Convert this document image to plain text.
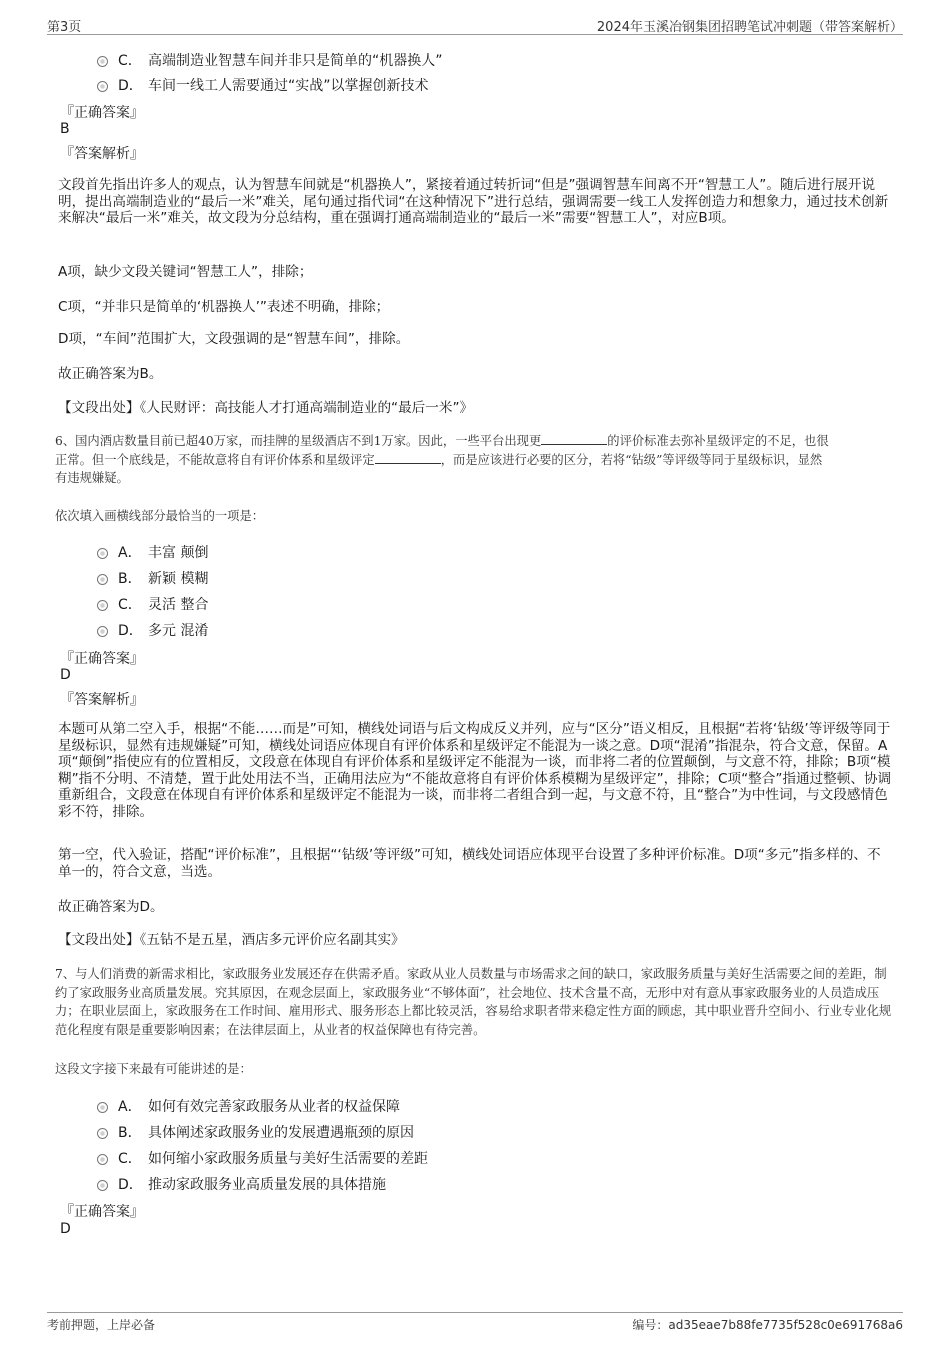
第3页	2024年玉溪冶钢集团招聘笔试冲刺题（带答案解析）
C． 高端制造业智慧车间并非只是简单的“机器换人”
D． 车间一线工人需要通过“实战”以掌握创新技术
『正确答案』
B
『答案解析』
文段首先指出许多人的观点，认为智慧车间就是“机器换人”，紧接着通过转折词“但是”强调智慧车间离不开“智慧工人”。随后进行展开说明，提出高端制造业的“最后一米”难关，尾句通过指代词“在这种情况下”进行总结，强调需要一线工人发挥创造力和想象力，通过技术创新来解决“最后一米”难关，故文段为分总结构，重在强调打通高端制造业的“最后一米”需要“智慧工人”，对应B项。
A项，缺少文段关键词“智慧工人”，排除；
C项，“并非只是简单的‘机器换人’”表述不明确，排除；
D项，“车间”范围扩大，文段强调的是“智慧车间”，排除。
故正确答案为B。
【文段出处】《人民财评：高技能人才打通高端制造业的“最后一米”》
6、国内酒店数量目前已超40万家，而挂牌的星级酒店不到1万家。因此，一些平台出现更	的评价标准去弥补星级评定的不足，也很
正常。但一个底线是，不能故意将自有评价体系和星级评定	，而是应该进行必要的区分，若将“钻级”等评级等同于星级标识，显然
有违规嫌疑。
依次填入画横线部分最恰当的一项是：
A． 丰富 颠倒
B． 新颖 模糊
C． 灵活 整合
D． 多元 混淆
『正确答案』
D
『答案解析』
本题可从第二空入手，根据“不能……而是”可知，横线处词语与后文构成反义并列，应与“区分”语义相反，且根据“若将‘钻级’等评级等同于星级标识，显然有违规嫌疑”可知，横线处词语应体现自有评价体系和星级评定不能混为一谈之意。D项“混淆”指混杂，符合文意，保留。A项“颠倒”指使应有的位置相反，文段意在体现自有评价体系和星级评定不能混为一谈，而非将二者的位置颠倒，与文意不符，排除；B项“模糊”指不分明、不清楚，置于此处用法不当，正确用法应为“不能故意将自有评价体系模糊为星级评定”，排除；C项“整合”指通过整顿、协调重新组合，文段意在体现自有评价体系和星级评定不能混为一谈，而非将二者组合到一起，与文意不符，且“整合”为中性词，与文段感情色彩不符，排除。
第一空，代入验证，搭配“评价标准”，且根据“‘钻级’等评级”可知，横线处词语应体现平台设置了多种评价标准。D项“多元”指多样的、不单一的，符合文意，当选。
故正确答案为D。
【文段出处】《五钻不是五星，酒店多元评价应名副其实》
7、与人们消费的新需求相比，家政服务业发展还存在供需矛盾。家政从业人员数量与市场需求之间的缺口，家政服务质量与美好生活需要之间的差距，制约了家政服务业高质量发展。究其原因，在观念层面上，家政服务业“不够体面”，社会地位、技术含量不高，无形中对有意从事家政服务业的人员造成压力；在职业层面上，家政服务在工作时间、雇用形式、服务形态上都比较灵活，容易给求职者带来稳定性方面的顾虑，其中职业晋升空间小、行业专业化规范化程度有限是重要影响因素；在法律层面上，从业者的权益保障也有待完善。
这段文字接下来最有可能讲述的是：
A． 如何有效完善家政服务从业者的权益保障
B． 具体阐述家政服务业的发展遭遇瓶颈的原因
C． 如何缩小家政服务质量与美好生活需要的差距
D． 推动家政服务业高质量发展的具体措施
『正确答案』
D
考前押题，上岸必备	编号：ad35eae7b88fe7735f528c0e691768a6
